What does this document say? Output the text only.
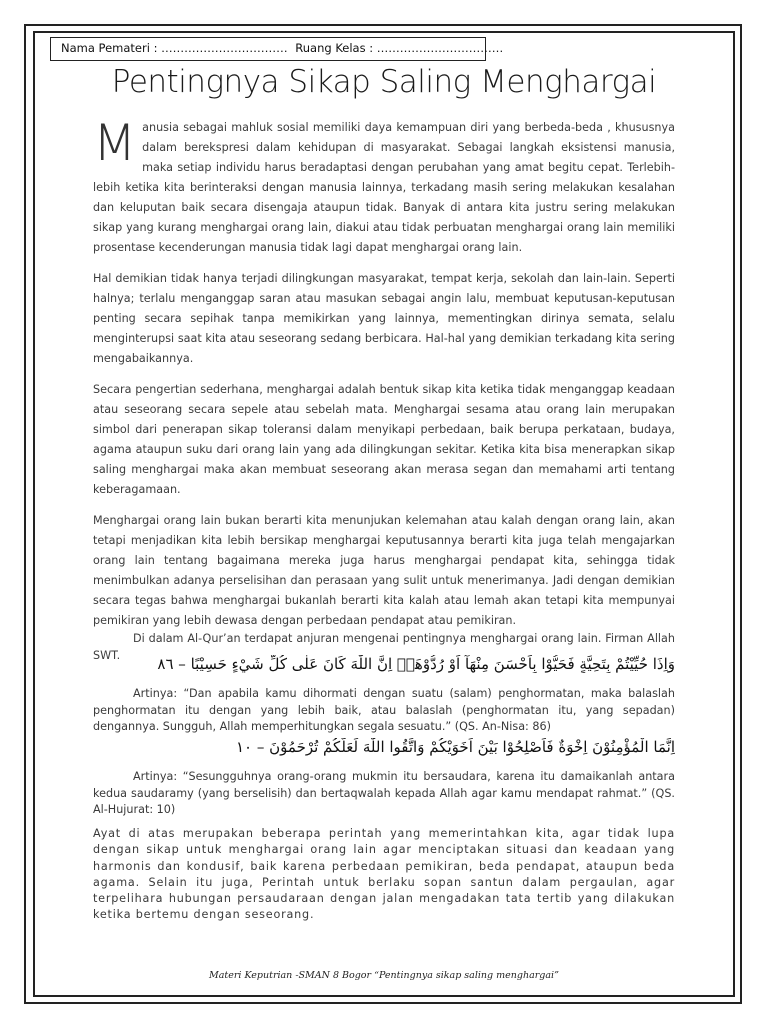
Nama Pemateri : …………………………… Ruang Kelas : ……………………………
Pentingnya Sikap Saling Menghargai

Manusia sebagai mahluk sosial memiliki daya kemampuan diri yang berbeda-beda , khususnya dalam berekspresi dalam kehidupan di masyarakat. Sebagai langkah eksistensi manusia, maka setiap individu harus beradaptasi dengan perubahan yang amat begitu cepat. Terlebih-lebih ketika kita berinteraksi dengan manusia lainnya, terkadang masih sering melakukan kesalahan dan keluputan baik secara disengaja ataupun tidak. Banyak di antara kita justru sering melakukan sikap yang kurang menghargai orang lain, diakui atau tidak perbuatan menghargai orang lain memiliki prosentase kecenderungan manusia tidak lagi dapat menghargai orang lain.

Hal demikian tidak hanya terjadi dilingkungan masyarakat, tempat kerja, sekolah dan lain-lain. Seperti halnya; terlalu menganggap saran atau masukan sebagai angin lalu, membuat keputusan-keputusan penting secara sepihak tanpa memikirkan yang lainnya, mementingkan dirinya semata, selalu menginterupsi saat kita atau seseorang sedang berbicara. Hal-hal yang demikian terkadang kita sering mengabaikannya.

Secara pengertian sederhana, menghargai adalah bentuk sikap kita ketika tidak menganggap keadaan atau seseorang secara sepele atau sebelah mata. Menghargai sesama atau orang lain merupakan simbol dari penerapan sikap toleransi dalam menyikapi perbedaan, baik berupa perkataan, budaya, agama ataupun suku dari orang lain yang ada dilingkungan sekitar. Ketika kita bisa menerapkan sikap saling menghargai maka akan membuat seseorang akan merasa segan dan memahami arti tentang keberagamaan.

Menghargai orang lain bukan berarti kita menunjukan kelemahan atau kalah dengan orang lain, akan tetapi menjadikan kita lebih bersikap menghargai keputusannya berarti kita juga telah mengajarkan orang lain tentang bagaimana mereka juga harus menghargai pendapat kita, sehingga tidak menimbulkan adanya perselisihan dan perasaan yang sulit untuk menerimanya. Jadi dengan demikian secara tegas bahwa menghargai bukanlah berarti kita kalah atau lemah akan tetapi kita mempunyai pemikiran yang lebih dewasa dengan perbedaan pendapat atau pemikiran.

Di dalam Al-Qur’an terdapat anjuran mengenai pentingnya menghargai orang lain. Firman Allah SWT.	وَاِذَا حُيِّيْتُمْ بِتَحِيَّةٍ فَحَيُّوْا بِاَحْسَنَ مِنْهَآ اَوْ رُدُّوْهَاۗ اِنَّ اللّٰهَ كَانَ عَلٰى كُلِّ شَيْءٍ حَسِيْبًا – ٨٦
Artinya: “Dan apabila kamu dihormati dengan suatu (salam) penghormatan, maka balaslah penghormatan itu dengan yang lebih baik, atau balaslah (penghormatan itu, yang sepadan) dengannya. Sungguh, Allah memperhitungkan segala sesuatu.” (QS. An-Nisa: 86)
اِنَّمَا الْمُؤْمِنُوْنَ اِخْوَةٌ فَاَصْلِحُوْا بَيْنَ اَخَوَيْكُمْ وَاتَّقُوا اللّٰهَ لَعَلَّكُمْ تُرْحَمُوْنَ – ١٠
Artinya: “Sesungguhnya orang-orang mukmin itu bersaudara, karena itu damaikanlah antara kedua saudaramy (yang berselisih) dan bertaqwalah kepada Allah agar kamu mendapat rahmat.” (QS. Al-Hujurat: 10)
Ayat di atas merupakan beberapa perintah yang memerintahkan kita, agar tidak lupa dengan sikap untuk menghargai orang lain agar menciptakan situasi dan keadaan yang harmonis dan kondusif, baik karena perbedaan pemikiran, beda pendapat, ataupun beda agama. Selain itu juga, Perintah untuk berlaku sopan santun dalam pergaulan, agar terpelihara hubungan persaudaraan dengan jalan mengadakan tata tertib yang dilakukan ketika bertemu dengan seseorang.
Materi Keputrian -SMAN 8 Bogor “Pentingnya sikap saling menghargai”
